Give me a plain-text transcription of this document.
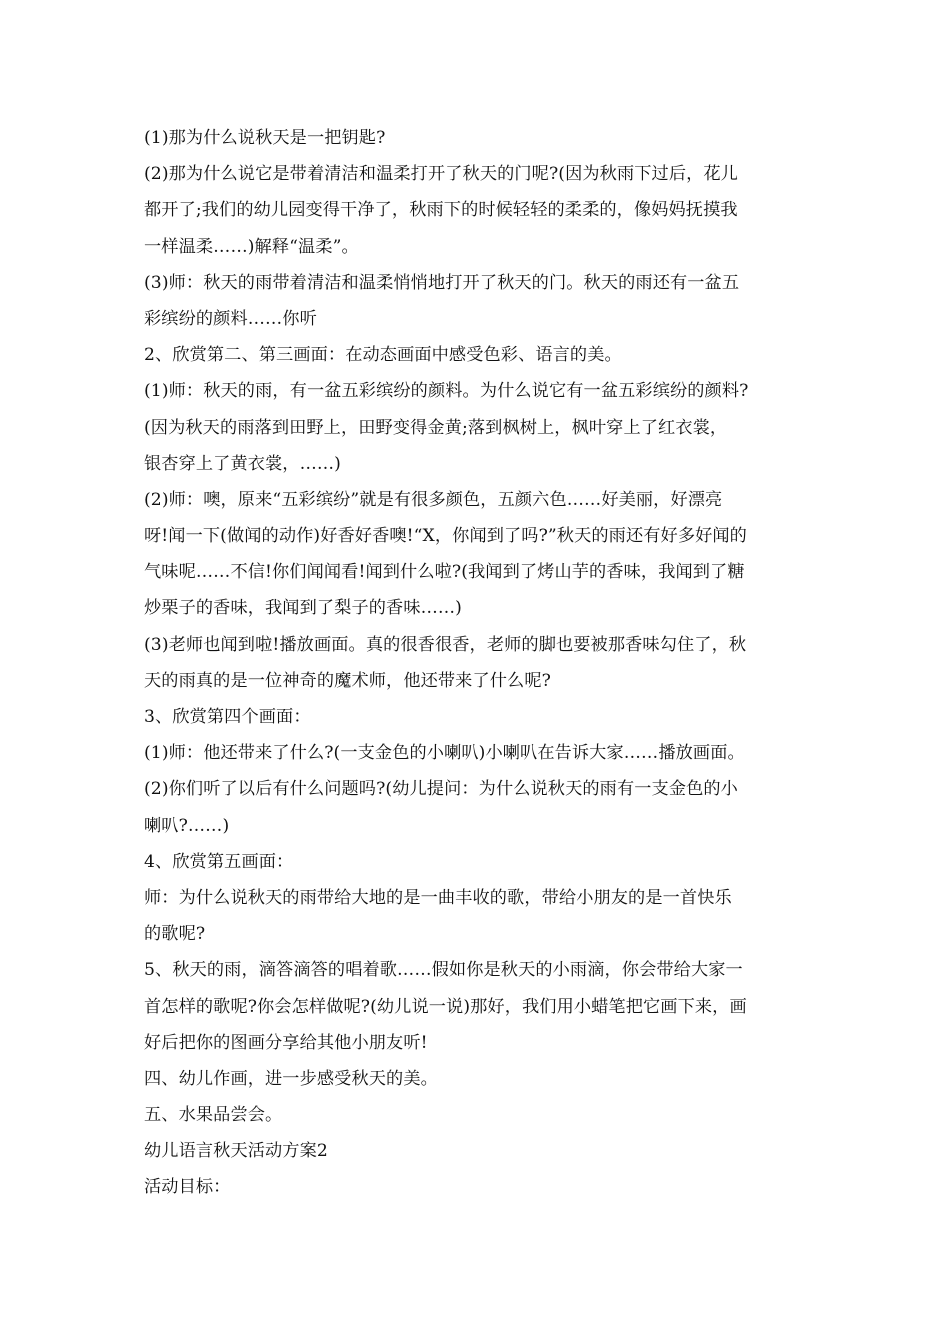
(1)那为什么说秋天是一把钥匙?
(2)那为什么说它是带着清洁和温柔打开了秋天的门呢?(因为秋雨下过后，花儿
都开了;我们的幼儿园变得干净了，秋雨下的时候轻轻的柔柔的，像妈妈抚摸我
一样温柔……)解释“温柔”。
(3)师：秋天的雨带着清洁和温柔悄悄地打开了秋天的门。秋天的雨还有一盆五
彩缤纷的颜料……你听
2、欣赏第二、第三画面：在动态画面中感受色彩、语言的美。
(1)师：秋天的雨，有一盆五彩缤纷的颜料。为什么说它有一盆五彩缤纷的颜料?
(因为秋天的雨落到田野上，田野变得金黄;落到枫树上，枫叶穿上了红衣裳，
银杏穿上了黄衣裳，……)
(2)师：噢，原来“五彩缤纷”就是有很多颜色，五颜六色……好美丽，好漂亮
呀!闻一下(做闻的动作)好香好香噢!“X，你闻到了吗?”秋天的雨还有好多好闻的
气味呢……不信!你们闻闻看!闻到什么啦?(我闻到了烤山芋的香味，我闻到了糖
炒栗子的香味，我闻到了梨子的香味……)
(3)老师也闻到啦!播放画面。真的很香很香，老师的脚也要被那香味勾住了，秋
天的雨真的是一位神奇的魔术师，他还带来了什么呢?
3、欣赏第四个画面：
(1)师：他还带来了什么?(一支金色的小喇叭)小喇叭在告诉大家……播放画面。
(2)你们听了以后有什么问题吗?(幼儿提问：为什么说秋天的雨有一支金色的小
喇叭?……)
4、欣赏第五画面：
师：为什么说秋天的雨带给大地的是一曲丰收的歌，带给小朋友的是一首快乐
的歌呢?
5、秋天的雨，滴答滴答的唱着歌……假如你是秋天的小雨滴，你会带给大家一
首怎样的歌呢?你会怎样做呢?(幼儿说一说)那好，我们用小蜡笔把它画下来，画
好后把你的图画分享给其他小朋友听!
四、幼儿作画，进一步感受秋天的美。
五、水果品尝会。
幼儿语言秋天活动方案2
活动目标：
